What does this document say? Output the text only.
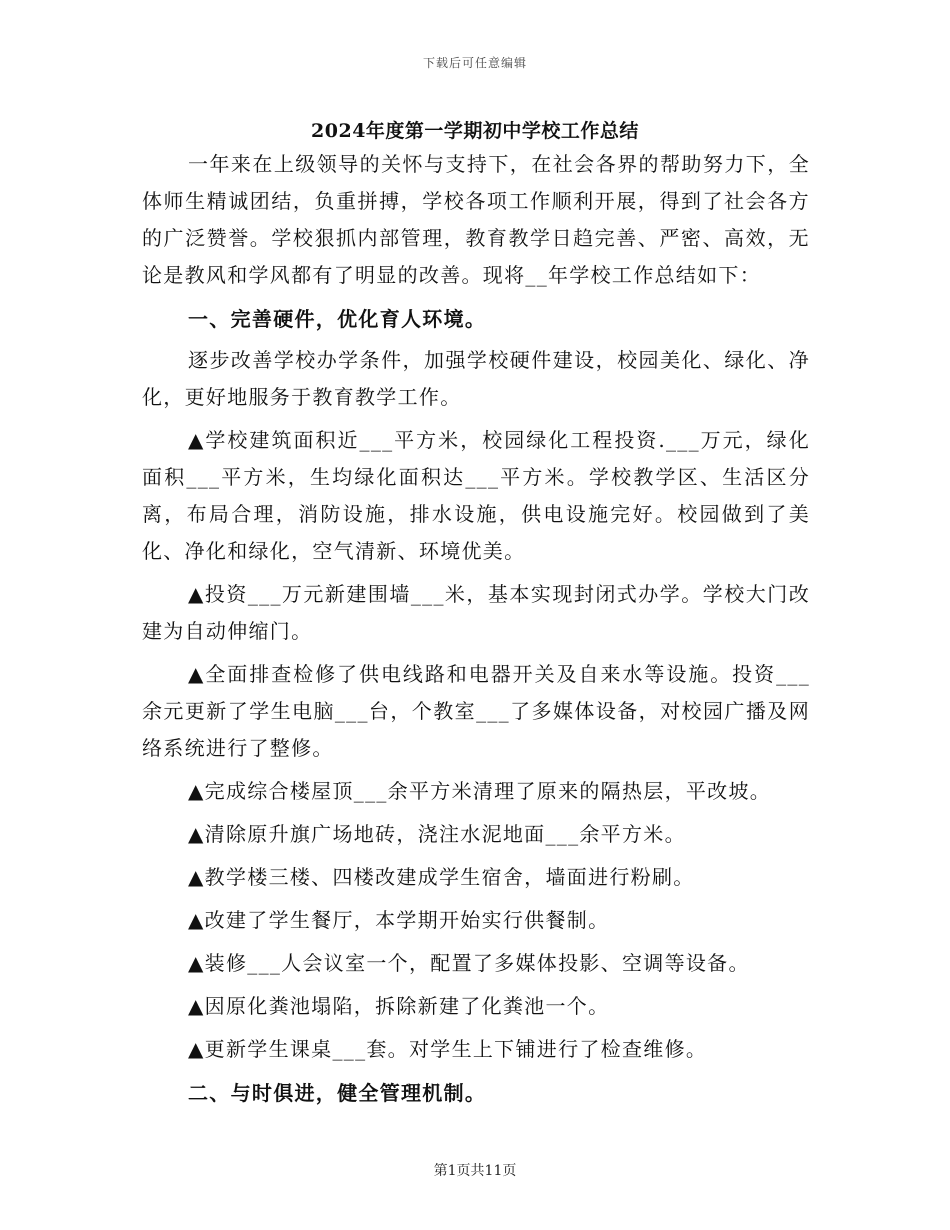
下载后可任意编辑
2024年度第一学期初中学校工作总结

一年来在上级领导的关怀与支持下，在社会各界的帮助努力下，全体师生精诚团结，负重拼搏，学校各项工作顺利开展，得到了社会各方的广泛赞誉。学校狠抓内部管理，教育教学日趋完善、严密、高效，无论是教风和学风都有了明显的改善。现将__年学校工作总结如下：

一、完善硬件，优化育人环境。

逐步改善学校办学条件，加强学校硬件建设，校园美化、绿化、净化，更好地服务于教育教学工作。

▲学校建筑面积近___平方米，校园绿化工程投资.___万元，绿化面积___平方米，生均绿化面积达___平方米。学校教学区、生活区分离，布局合理，消防设施，排水设施，供电设施完好。校园做到了美化、净化和绿化，空气清新、环境优美。

▲投资___万元新建围墙___米，基本实现封闭式办学。学校大门改建为自动伸缩门。

▲全面排查检修了供电线路和电器开关及自来水等设施。投资___余元更新了学生电脑___台，个教室___了多媒体设备，对校园广播及网络系统进行了整修。

▲完成综合楼屋顶___余平方米清理了原来的隔热层，平改坡。

▲清除原升旗广场地砖，浇注水泥地面___余平方米。

▲教学楼三楼、四楼改建成学生宿舍，墙面进行粉刷。

▲改建了学生餐厅，本学期开始实行供餐制。

▲装修___人会议室一个，配置了多媒体投影、空调等设备。

▲因原化粪池塌陷，拆除新建了化粪池一个。

▲更新学生课桌___套。对学生上下铺进行了检查维修。

二、与时俱进，健全管理机制。

第1页共11页
